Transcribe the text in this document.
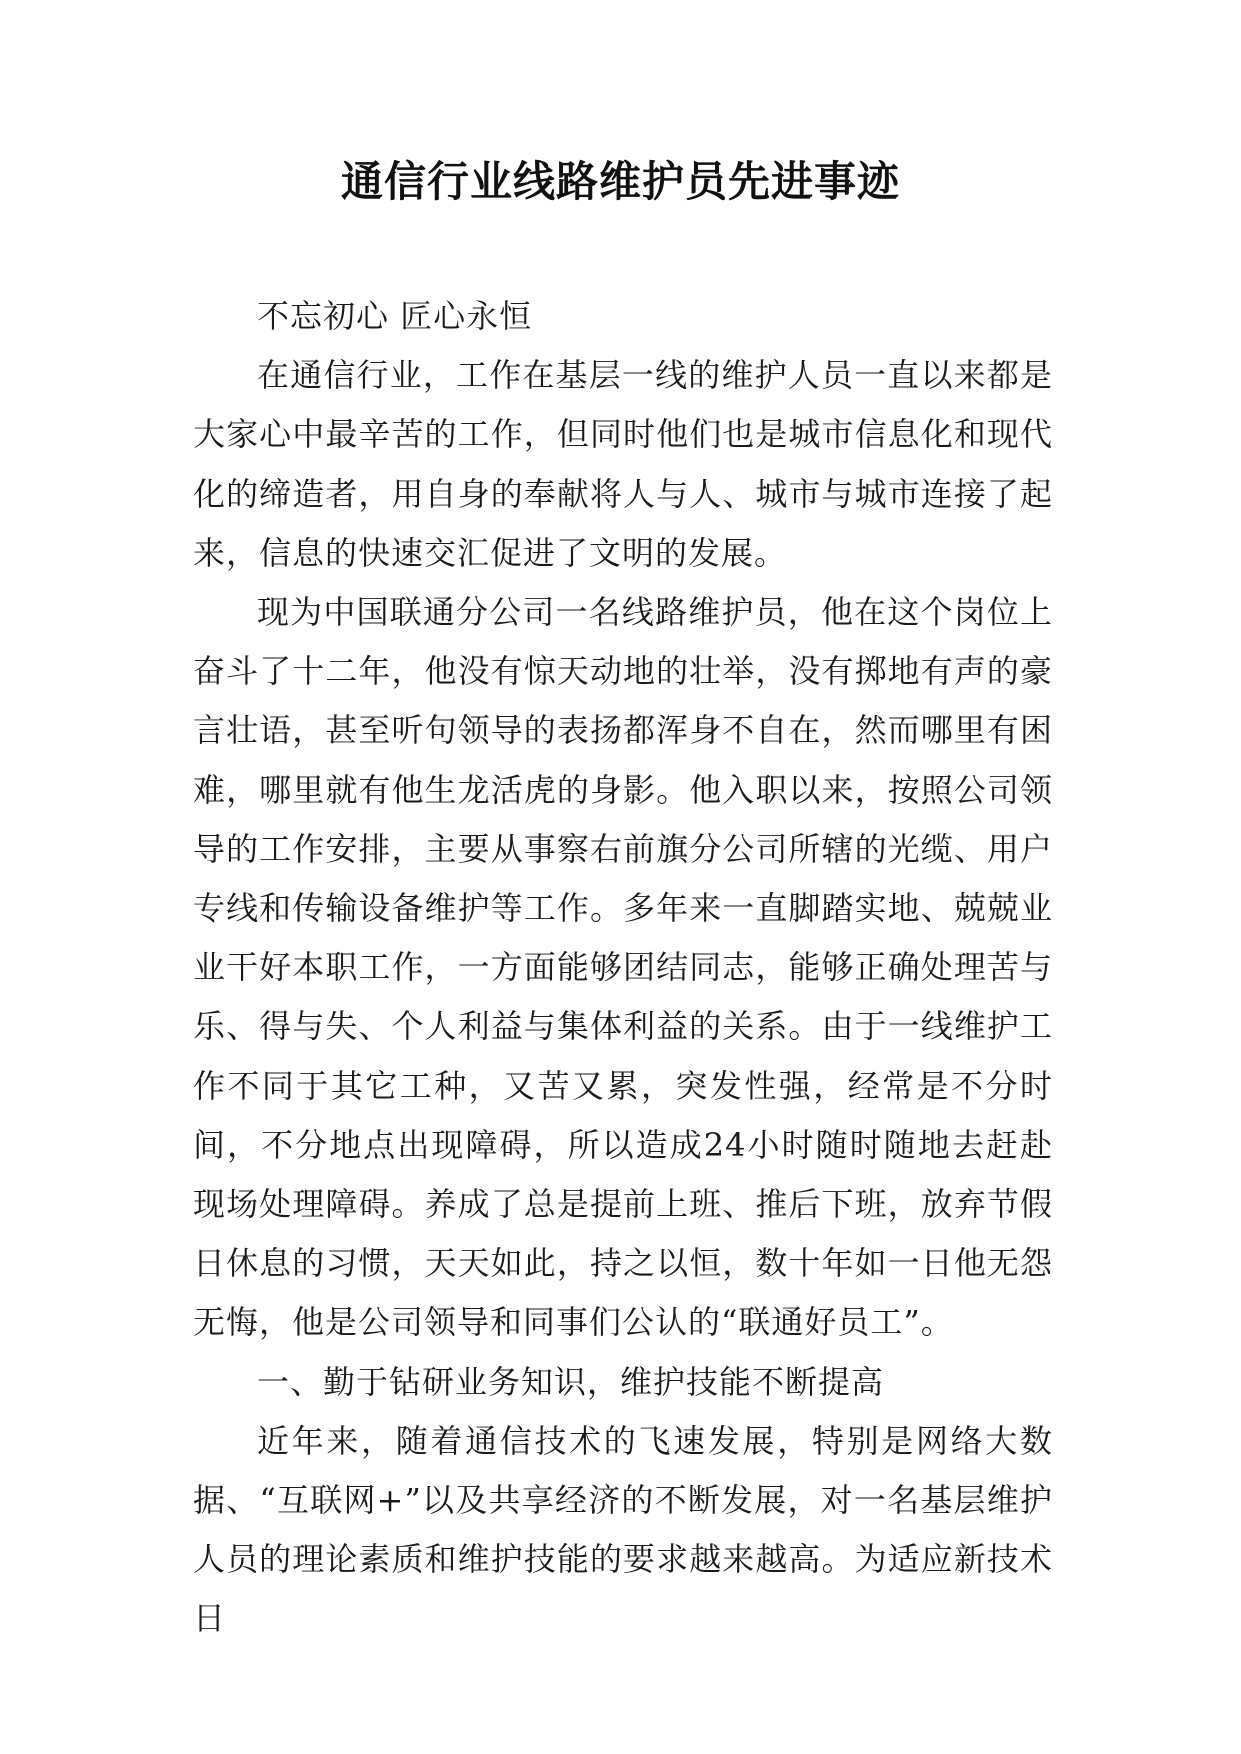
通信行业线路维护员先进事迹

不忘初心 匠心永恒

在通信行业，工作在基层一线的维护人员一直以来都是大家心中最辛苦的工作，但同时他们也是城市信息化和现代化的缔造者，用自身的奉献将人与人、城市与城市连接了起来，信息的快速交汇促进了文明的发展。

现为中国联通分公司一名线路维护员，他在这个岗位上奋斗了十二年，他没有惊天动地的壮举，没有掷地有声的豪言壮语，甚至听句领导的表扬都浑身不自在，然而哪里有困难，哪里就有他生龙活虎的身影。他入职以来，按照公司领导的工作安排，主要从事察右前旗分公司所辖的光缆、用户专线和传输设备维护等工作。多年来一直脚踏实地、兢兢业业干好本职工作，一方面能够团结同志，能够正确处理苦与乐、得与失、个人利益与集体利益的关系。由于一线维护工作不同于其它工种，又苦又累，突发性强，经常是不分时间，不分地点出现障碍，所以造成24小时随时随地去赶赴现场处理障碍。养成了总是提前上班、推后下班，放弃节假日休息的习惯，天天如此，持之以恒，数十年如一日他无怨无悔，他是公司领导和同事们公认的“联通好员工”。

一、勤于钻研业务知识，维护技能不断提高

近年来，随着通信技术的飞速发展，特别是网络大数据、“互联网+”以及共享经济的不断发展，对一名基层维护人员的理论素质和维护技能的要求越来越高。为适应新技术日
